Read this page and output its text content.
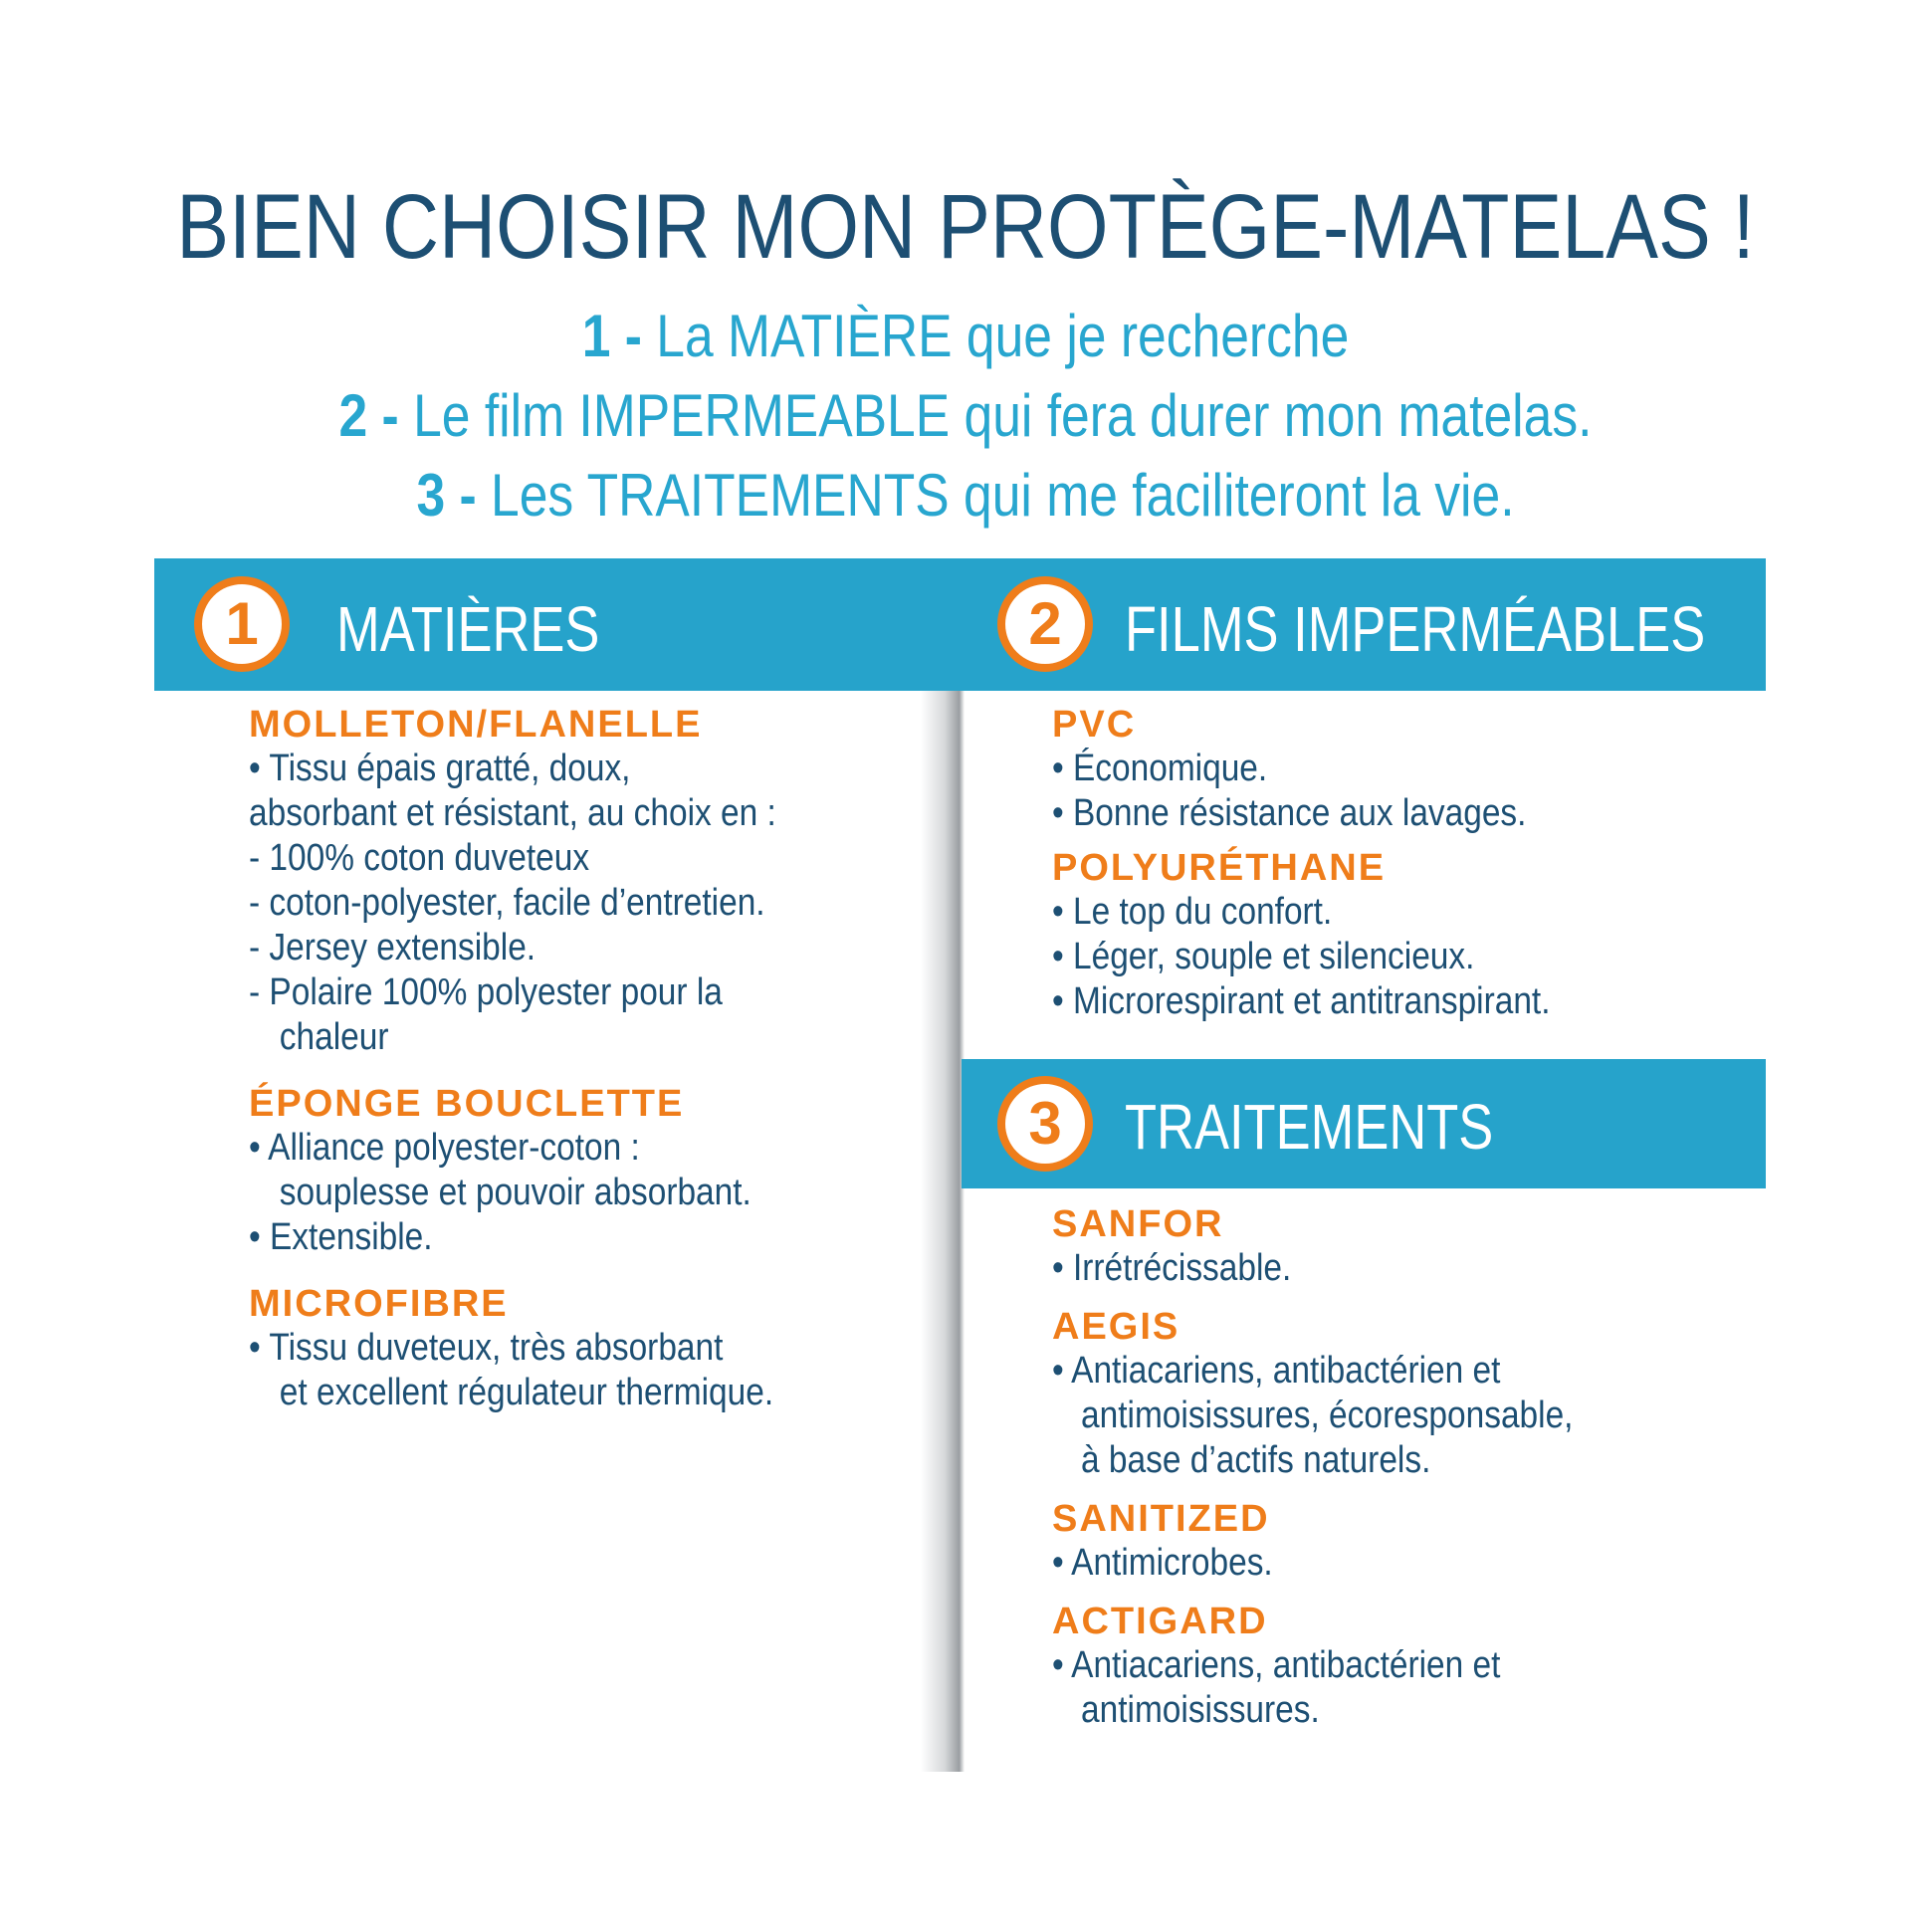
BIEN CHOISIR MON PROTÈGE-MATELAS !
1 - La MATIÈRE que je recherche
2 - Le film IMPERMEABLE qui fera durer mon matelas.
3 - Les TRAITEMENTS qui me faciliteront la vie.
1	MATIÈRES	2 FILMS IMPERMÉABLES
3 TRAITEMENTS
MOLLETON/FLANELLE
• Tissu épais gratté, doux,
absorbant et résistant, au choix en :
- 100% coton duveteux
- coton-polyester, facile d’entretien.
- Jersey extensible.
- Polaire 100% polyester pour la
chaleur
ÉPONGE BOUCLETTE
• Alliance polyester-coton :
souplesse et pouvoir absorbant.
• Extensible.
MICROFIBRE
• Tissu duveteux, très absorbant
et excellent régulateur thermique.
PVC
• Économique.
• Bonne résistance aux lavages.
POLYURÉTHANE
• Le top du confort.
• Léger, souple et silencieux.
• Microrespirant et antitranspirant.
SANFOR
• Irrétrécissable.
AEGIS
• Antiacariens, antibactérien et
antimoisissures, écoresponsable,
à base d’actifs naturels.
SANITIZED
• Antimicrobes.
ACTIGARD
• Antiacariens, antibactérien et
antimoisissures.
